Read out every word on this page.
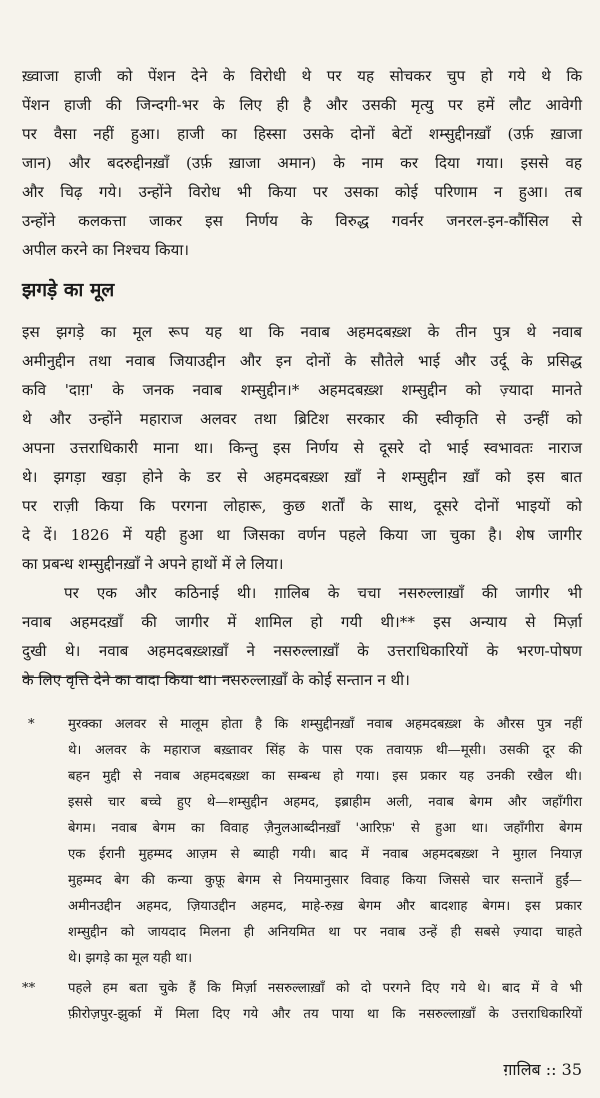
ख़्वाजा हाजी को पेंशन देने के विरोधी थे पर यह सोचकर चुप हो गये थे कि
पेंशन हाजी की जिन्दगी-भर के लिए ही है और उसकी मृत्यु पर हमें लौट आवेगी
पर वैसा नहीं हुआ। हाजी का हिस्सा उसके दोनों बेटों शम्सुद्दीनख़ाँ (उर्फ़ ख़ाजा
जान) और बदरुद्दीनख़ाँ (उर्फ़ ख़ाजा अमान) के नाम कर दिया गया। इससे वह
और चिढ़ गये। उन्होंने विरोध भी किया पर उसका कोई परिणाम न हुआ। तब
उन्होंने कलकत्ता जाकर इस निर्णय के विरुद्ध गवर्नर जनरल-इन-कौंसिल से
अपील करने का निश्चय किया।
झगड़े का मूल
इस झगड़े का मूल रूप यह था कि नवाब अहमदबख़्श के तीन पुत्र थे नवाब
अमीनुद्दीन तथा नवाब जियाउद्दीन और इन दोनों के सौतेले भाई और उर्दू के प्रसिद्ध
कवि 'दाग़' के जनक नवाब शम्सुद्दीन।* अहमदबख़्श शम्सुद्दीन को ज़्यादा मानते
थे और उन्होंने महाराज अलवर तथा ब्रिटिश सरकार की स्वीकृति से उन्हीं को
अपना उत्तराधिकारी माना था। किन्तु इस निर्णय से दूसरे दो भाई स्वभावतः नाराज
थे। झगड़ा खड़ा होने के डर से अहमदबख़्श ख़ाँ ने शम्सुद्दीन ख़ाँ को इस बात
पर राज़ी किया कि परगना लोहारू, कुछ शर्तों के साथ, दूसरे दोनों भाइयों को
दे दें। 1826 में यही हुआ था जिसका वर्णन पहले किया जा चुका है। शेष जागीर
का प्रबन्ध शम्सुद्दीनख़ाँ ने अपने हाथों में ले लिया।
पर एक और कठिनाई थी। ग़ालिब के चचा नसरुल्लाख़ाँ की जागीर भी
नवाब अहमदख़ाँ की जागीर में शामिल हो गयी थी।** इस अन्याय से मिर्ज़ा
दुखी थे। नवाब अहमदबख़्शख़ाँ ने नसरुल्लाख़ाँ के उत्तराधिकारियों के भरण-पोषण
के लिए वृत्ति देने का वादा किया था। नसरुल्लाख़ाँ के कोई सन्तान न थी।
*	मुरक्का अलवर से मालूम होता है कि शम्सुद्दीनख़ाँ नवाब अहमदबख़्श के औरस पुत्र नहीं
थे। अलवर के महाराज बख़्तावर सिंह के पास एक तवायफ़ थी—मूसी। उसकी दूर की
बहन मुद्दी से नवाब अहमदबख़्श का सम्बन्ध हो गया। इस प्रकार यह उनकी रखैल थी।
इससे चार बच्चे हुए थे—शम्सुद्दीन अहमद, इब्राहीम अली, नवाब बेगम और जहाँगीरा
बेगम। नवाब बेगम का विवाह ज़ैनुलआब्दीनख़ाँ 'आरिफ़' से हुआ था। जहाँगीरा बेगम
एक ईरानी मुहम्मद आज़म से ब्याही गयी। बाद में नवाब अहमदबख़्श ने मुग़ल नियाज़
मुहम्मद बेग की कन्या कुफ़ू बेगम से नियमानुसार विवाह किया जिससे चार सन्तानें हुईं—
अमीनउद्दीन अहमद, ज़ियाउद्दीन अहमद, माहे-रुख़ बेगम और बादशाह बेगम। इस प्रकार
शम्सुद्दीन को जायदाद मिलना ही अनियमित था पर नवाब उन्हें ही सबसे ज़्यादा चाहते
थे। झगड़े का मूल यही था।
** पहले हम बता चुके हैं कि मिर्ज़ा नसरुल्लाख़ाँ को दो परगने दिए गये थे। बाद में वे भी
फ़ीरोज़पुर-झुर्का में मिला दिए गये और तय पाया था कि नसरुल्लाख़ाँ के उत्तराधिकारियों
ग़ालिब :: 35
